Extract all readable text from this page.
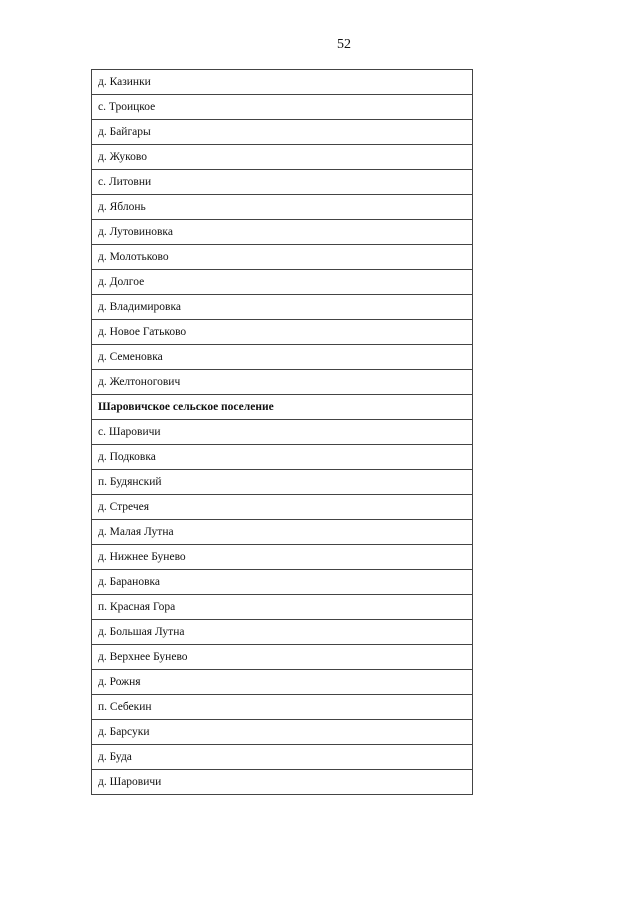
52
д. Казинки
с. Троицкое
д. Байгары
д. Жуково
с. Литовни
д. Яблонь
д. Лутовиновка
д. Молотьково
д. Долгое
д. Владимировка
д. Новое Гатьково
д. Семеновка
д. Желтоногович
Шаровичское сельское поселение
с. Шаровичи
д. Подковка
п. Будянский
д. Стречея
д. Малая Лутна
д. Нижнее Бунево
д. Барановка
п. Красная Гора
д. Большая Лутна
д. Верхнее Бунево
д. Рожня
п. Себекин
д. Барсуки
д. Буда
д. Шаровичи
